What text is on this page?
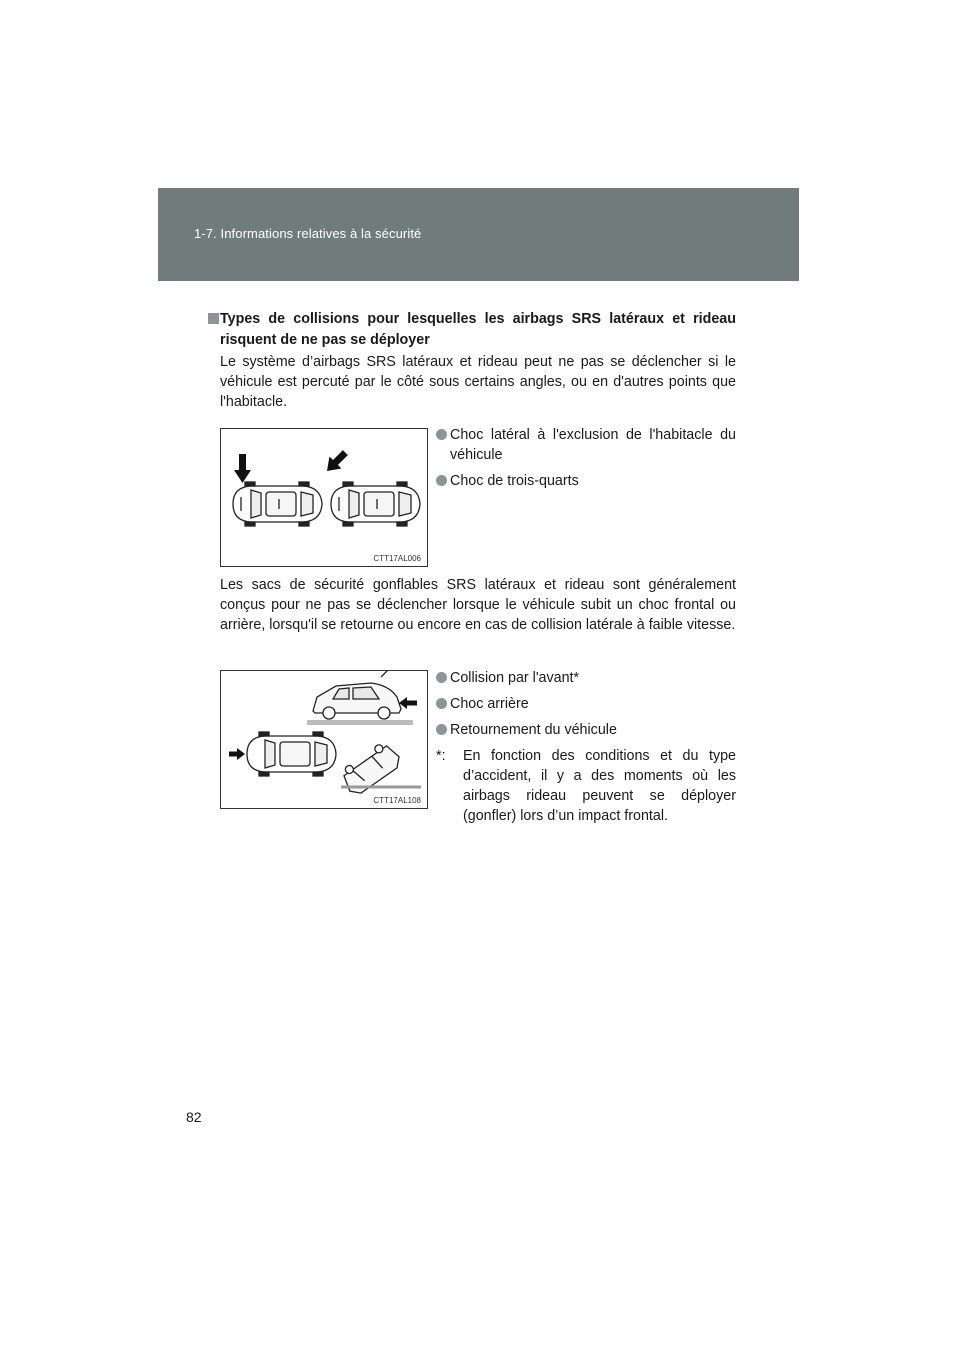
1-7. Informations relatives à la sécurité
Types de collisions pour lesquelles les airbags SRS latéraux et rideau risquent de ne pas se déployer
Le système d’airbags SRS latéraux et rideau peut ne pas se déclencher si le véhicule est percuté par le côté sous certains angles, ou en d'autres points que l'habitacle.
CTT17AL006
Choc latéral à l'exclusion de l'habitacle du véhicule
Choc de trois-quarts
Les sacs de sécurité gonflables SRS latéraux et rideau sont généralement conçus pour ne pas se déclencher lorsque le véhicule subit un choc frontal ou arrière, lorsqu'il se retourne ou encore en cas de collision latérale à faible vitesse.
CTT17AL108
Collision par l'avant*
Choc arrière
Retournement du véhicule
*: En fonction des conditions et du type d’accident, il y a des moments où les airbags rideau peuvent se déployer (gonfler) lors d’un impact frontal.
82
